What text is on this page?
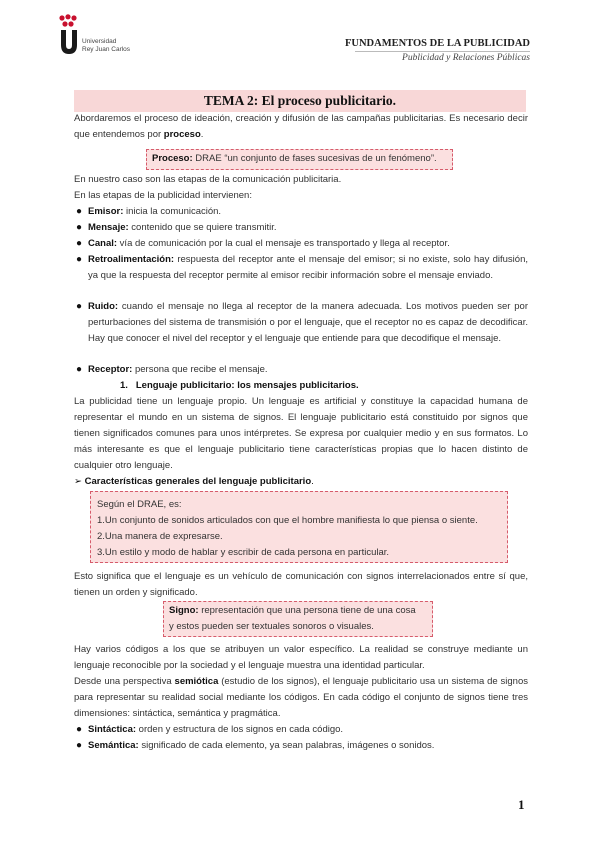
Universidad
Rey Juan Carlos
FUNDAMENTOS DE LA PUBLICIDAD
Publicidad y Relaciones Públicas
TEMA 2: El proceso publicitario.
Abordaremos el proceso de ideación, creación y difusión de las campañas publicitarias. Es necesario decir que entendemos por proceso.
Proceso: DRAE “un conjunto de fases sucesivas de un fenómeno”.
En nuestro caso son las etapas de la comunicación publicitaria.
En las etapas de la publicidad intervienen:
● Emisor: inicia la comunicación.
● Mensaje: contenido que se quiere transmitir.
● Canal: vía de comunicación por la cual el mensaje es transportado y llega al receptor.
● Retroalimentación: respuesta del receptor ante el mensaje del emisor; si no existe, solo hay difusión, ya que la respuesta del receptor permite al emisor recibir información sobre el mensaje enviado.
● Ruido: cuando el mensaje no llega al receptor de la manera adecuada. Los motivos pueden ser por perturbaciones del sistema de transmisión o por el lenguaje, que el receptor no es capaz de decodificar. Hay que conocer el nivel del receptor y el lenguaje que entiende para que decodifique el mensaje.
● Receptor: persona que recibe el mensaje.
1. Lenguaje publicitario: los mensajes publicitarios.
La publicidad tiene un lenguaje propio. Un lenguaje es artificial y constituye la capacidad humana de representar el mundo en un sistema de signos. El lenguaje publicitario está constituido por signos que tienen significados comunes para unos intérpretes. Se expresa por cualquier medio y en sus formatos. Lo más interesante es que el lenguaje publicitario tiene características propias que lo hacen distinto de cualquier otro lenguaje.
➢ Características generales del lenguaje publicitario.
Según el DRAE, es:
1.Un conjunto de sonidos articulados con que el hombre manifiesta lo que piensa o siente.
2.Una manera de expresarse.
3.Un estilo y modo de hablar y escribir de cada persona en particular.
Esto significa que el lenguaje es un vehículo de comunicación con signos interrelacionados entre sí que, tienen un orden y significado.
Signo: representación que una persona tiene de una cosa
y estos pueden ser textuales sonoros o visuales.
Hay varios códigos a los que se atribuyen un valor específico. La realidad se construye mediante un lenguaje reconocible por la sociedad y el lenguaje muestra una identidad particular.
Desde una perspectiva semiótica (estudio de los signos), el lenguaje publicitario usa un sistema de signos para representar su realidad social mediante los códigos. En cada código el conjunto de signos tiene tres dimensiones: sintáctica, semántica y pragmática.
● Sintáctica: orden y estructura de los signos en cada código.
● Semántica: significado de cada elemento, ya sean palabras, imágenes o sonidos.
1
